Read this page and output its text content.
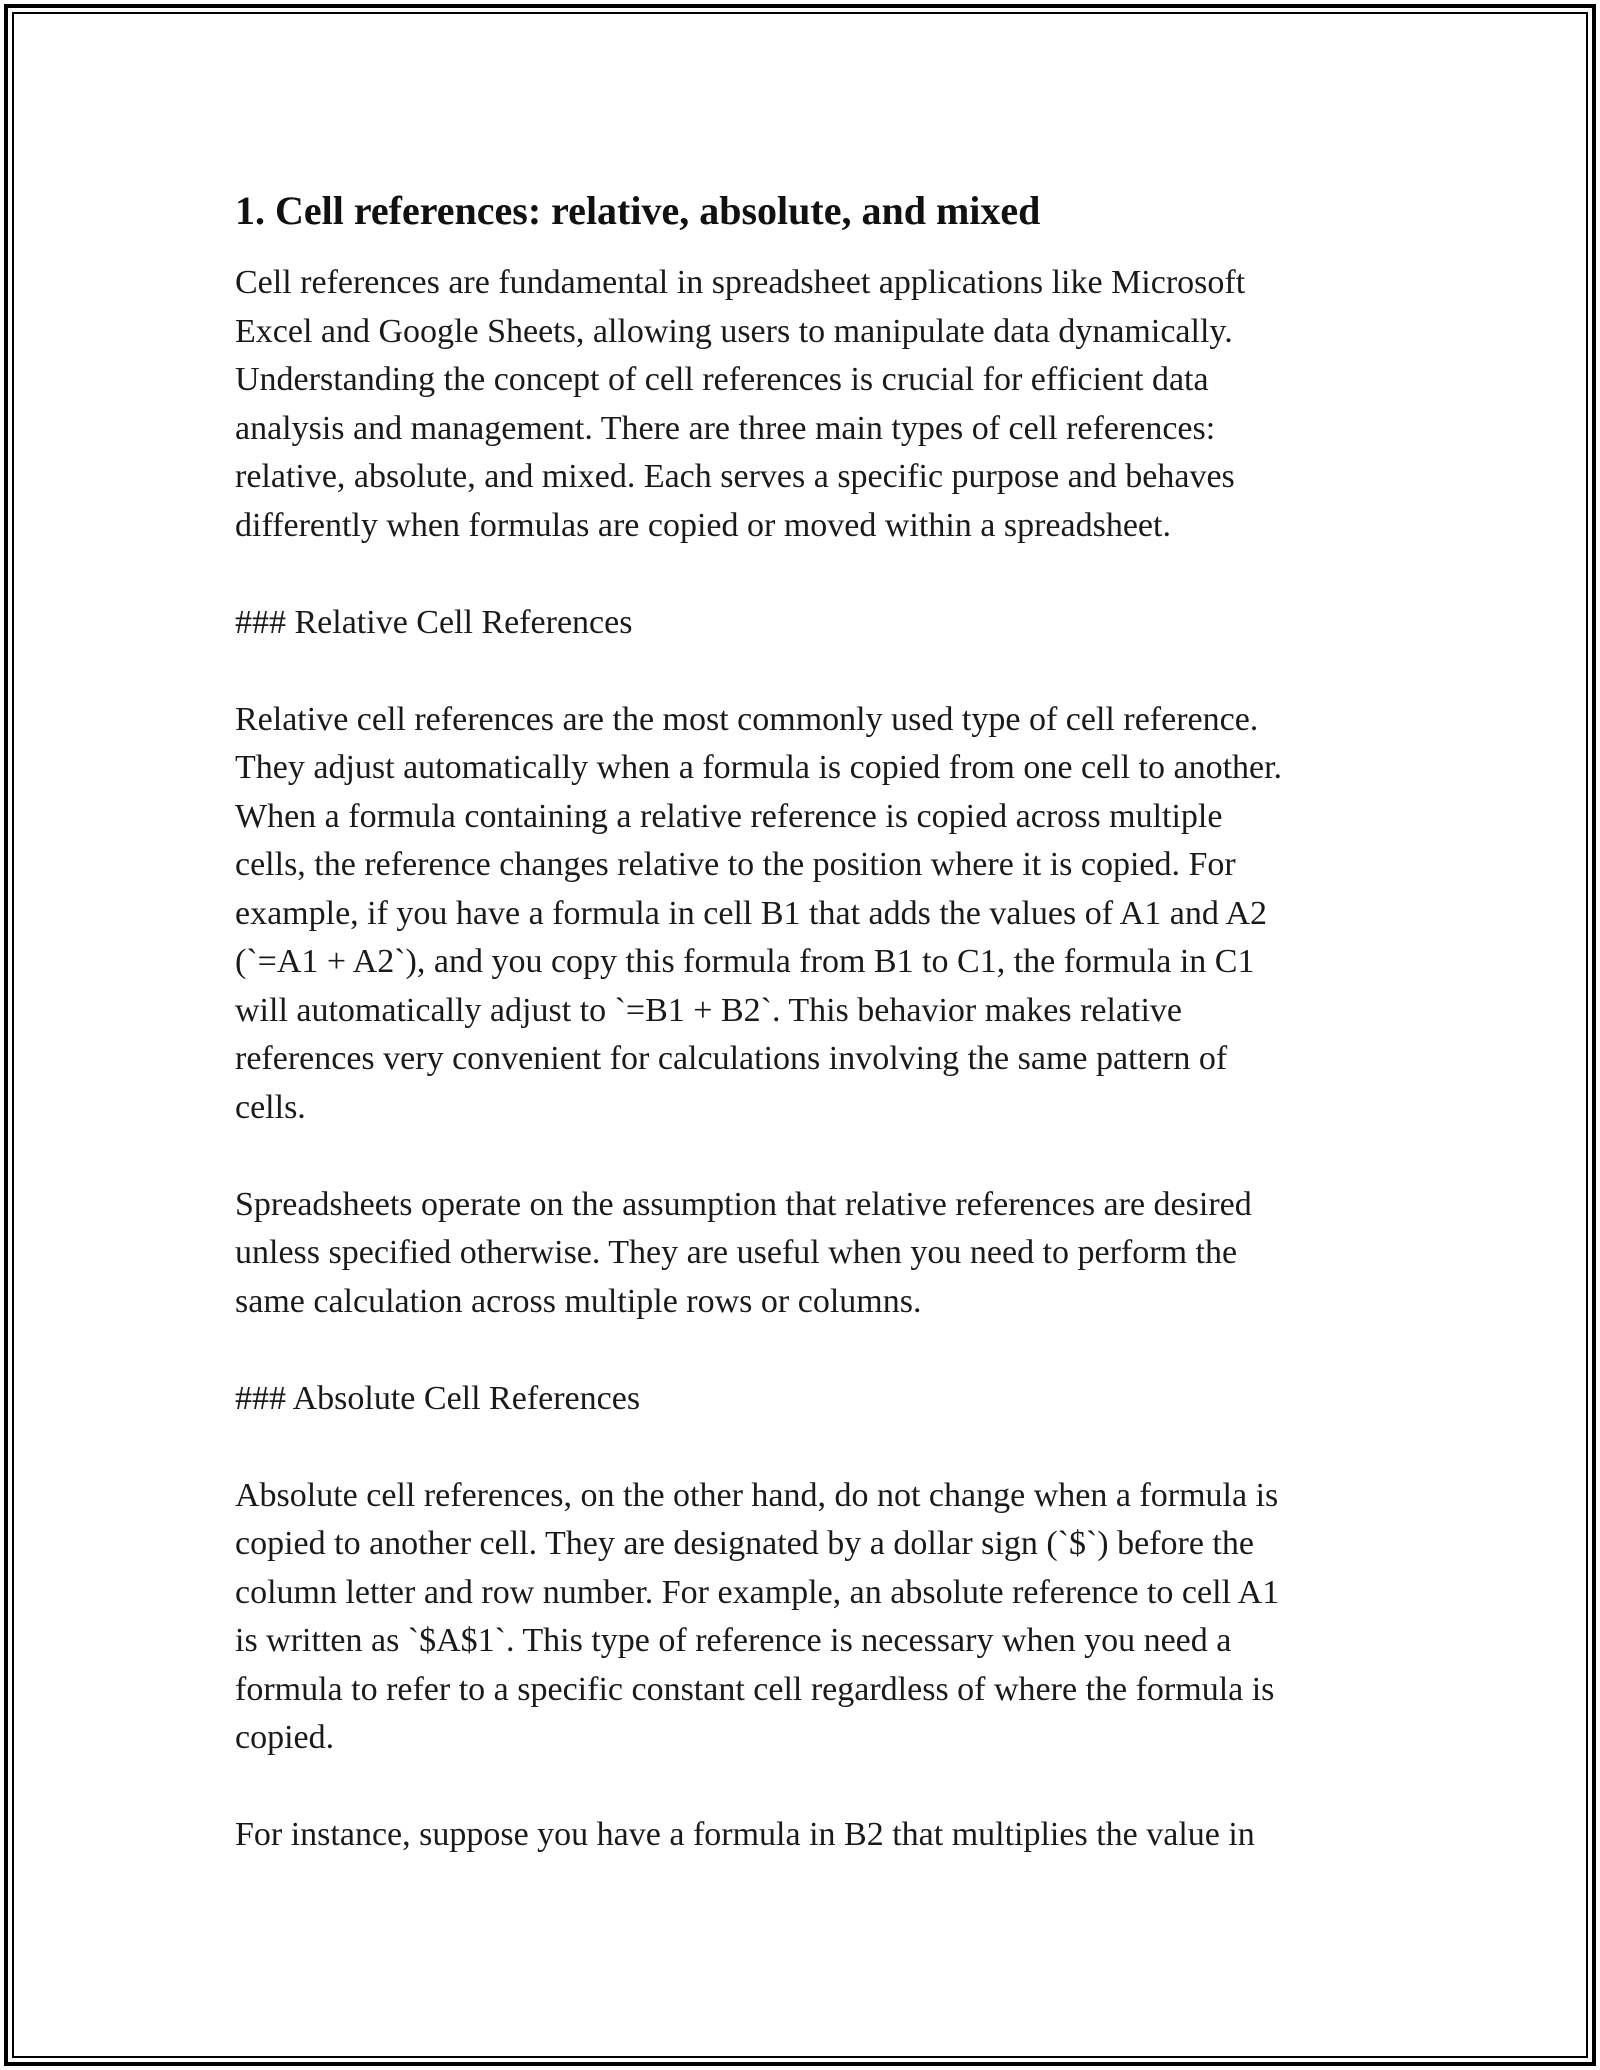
1. Cell references: relative, absolute, and mixed

Cell references are fundamental in spreadsheet applications like Microsoft
Excel and Google Sheets, allowing users to manipulate data dynamically.
Understanding the concept of cell references is crucial for efficient data
analysis and management. There are three main types of cell references:
relative, absolute, and mixed. Each serves a specific purpose and behaves
differently when formulas are copied or moved within a spreadsheet.

### Relative Cell References

Relative cell references are the most commonly used type of cell reference.
They adjust automatically when a formula is copied from one cell to another.
When a formula containing a relative reference is copied across multiple
cells, the reference changes relative to the position where it is copied. For
example, if you have a formula in cell B1 that adds the values of A1 and A2
(`=A1 + A2`), and you copy this formula from B1 to C1, the formula in C1
will automatically adjust to `=B1 + B2`. This behavior makes relative
references very convenient for calculations involving the same pattern of
cells.

Spreadsheets operate on the assumption that relative references are desired
unless specified otherwise. They are useful when you need to perform the
same calculation across multiple rows or columns.

### Absolute Cell References

Absolute cell references, on the other hand, do not change when a formula is
copied to another cell. They are designated by a dollar sign (`$`) before the
column letter and row number. For example, an absolute reference to cell A1
is written as `$A$1`. This type of reference is necessary when you need a
formula to refer to a specific constant cell regardless of where the formula is
copied.

For instance, suppose you have a formula in B2 that multiplies the value in
